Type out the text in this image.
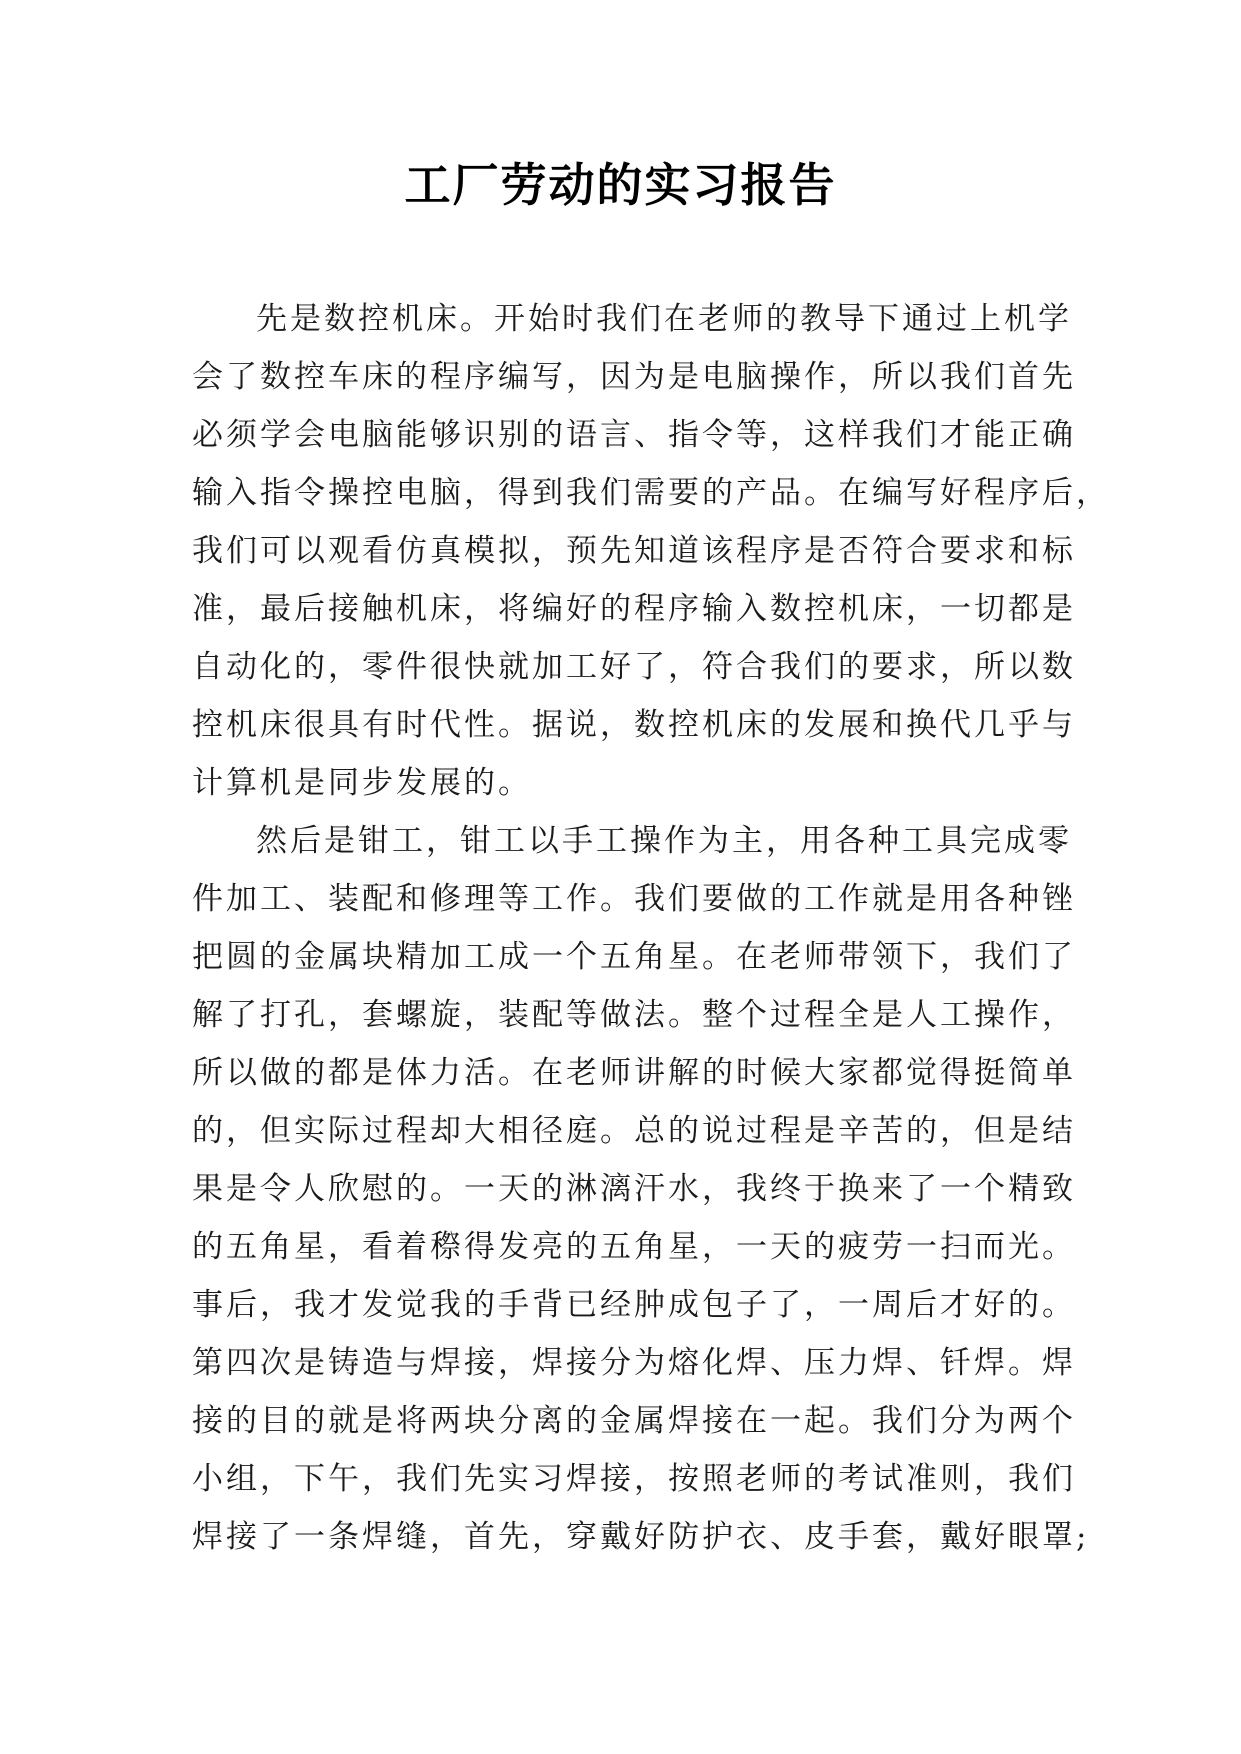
工厂劳动的实习报告
先是数控机床。开始时我们在老师的教导下通过上机学
会了数控车床的程序编写，因为是电脑操作，所以我们首先
必须学会电脑能够识别的语言、指令等，这样我们才能正确
输入指令操控电脑，得到我们需要的产品。在编写好程序后，
我们可以观看仿真模拟，预先知道该程序是否符合要求和标
准，最后接触机床，将编好的程序输入数控机床，一切都是
自动化的，零件很快就加工好了，符合我们的要求，所以数
控机床很具有时代性。据说，数控机床的发展和换代几乎与
计算机是同步发展的。
然后是钳工，钳工以手工操作为主，用各种工具完成零
件加工、装配和修理等工作。我们要做的工作就是用各种锉
把圆的金属块精加工成一个五角星。在老师带领下，我们了
解了打孔，套螺旋，装配等做法。整个过程全是人工操作，
所以做的都是体力活。在老师讲解的时候大家都觉得挺简单
的，但实际过程却大相径庭。总的说过程是辛苦的，但是结
果是令人欣慰的。一天的淋漓汗水，我终于换来了一个精致
的五角星，看着穄得发亮的五角星，一天的疲劳一扫而光。
事后，我才发觉我的手背已经肿成包子了，一周后才好的。
第四次是铸造与焊接，焊接分为熔化焊、压力焊、钎焊。焊
接的目的就是将两块分离的金属焊接在一起。我们分为两个
小组，下午，我们先实习焊接，按照老师的考试准则，我们
焊接了一条焊缝，首先，穿戴好防护衣、皮手套，戴好眼罩;
